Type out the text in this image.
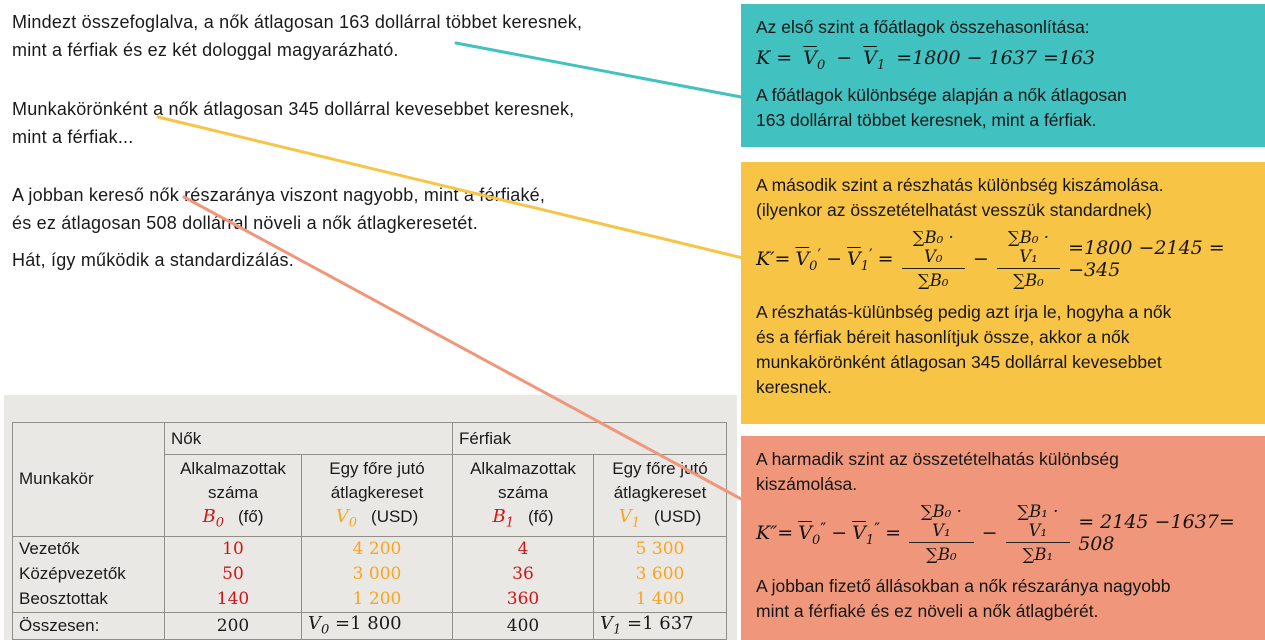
Mindezt összefoglalva, a nők átlagosan 163 dollárral többet keresnek,
mint a férfiak és ez két dologgal magyarázható.

Munkakörönként a nők átlagosan 345 dollárral kevesebbet keresnek,
mint a férfiak...

A jobban kereső nők részaránya viszont nagyobb, mint a férfiaké,
és ez átlagosan 508 dollárral növeli a nők átlagkeresetét.

Hát, így működik a standardizálás.

Munkakör	Nők		Férfiak	
	Alkalmazottak
száma
$B_0$ (fő)	Egy főre jutó
átlagkereset
$V_0$ (USD)	Alkalmazottak
száma
$B_1$ (fő)	Egy főre jutó
átlagkereset
$V_1$ (USD)
Vezetők	10	4 200	4	5 300
Középvezetők	50	3 000	36	3 600
Beosztottak	140	1 200	360	1 400
Összesen:	200	$\overline{V}_0 =1$ 800	400	$\overline{V}_1 =1$ 637
Az első szint a főátlagok összehasonlítása:
$K = \overline{V}_0 - \overline{V}_1 =1800 - 1637 =163$
A főátlagok különbsége alapján a nők átlagosan
163 dollárral többet keresnek, mint a férfiak.
A második szint a részhatás különbség kiszámolása.
(ilyenkor az összetételhatást vesszük standardnek)
$K'= \overline{V}_0' - \overline{V}_1' = \frac{\text{∑B₀ · V₀}}{\text{∑B₀}} - \frac{\text{∑B₀ · V₁}}{\text{∑B₀}} =1800 -2145 = -345$
A részhatás-külünbség pedig azt írja le, hogyha a nők
és a férfiak béreit hasonlítjuk össze, akkor a nők
munkakörönként átlagosan 345 dollárral kevesebbet
keresnek.
A harmadik szint az összetételhatás különbség
kiszámolása.
$K''= \overline{V}_0'' - \overline{V}_1'' = \frac{\text{∑B₀ · V₁}}{\text{∑B₀}} - \frac{\text{∑B₁ · V₁}}{\text{∑B₁}} = 2145 -1637= 508$
A jobban fizető állásokban a nők részaránya nagyobb
mint a férfiaké és ez növeli a nők átlagbérét.
